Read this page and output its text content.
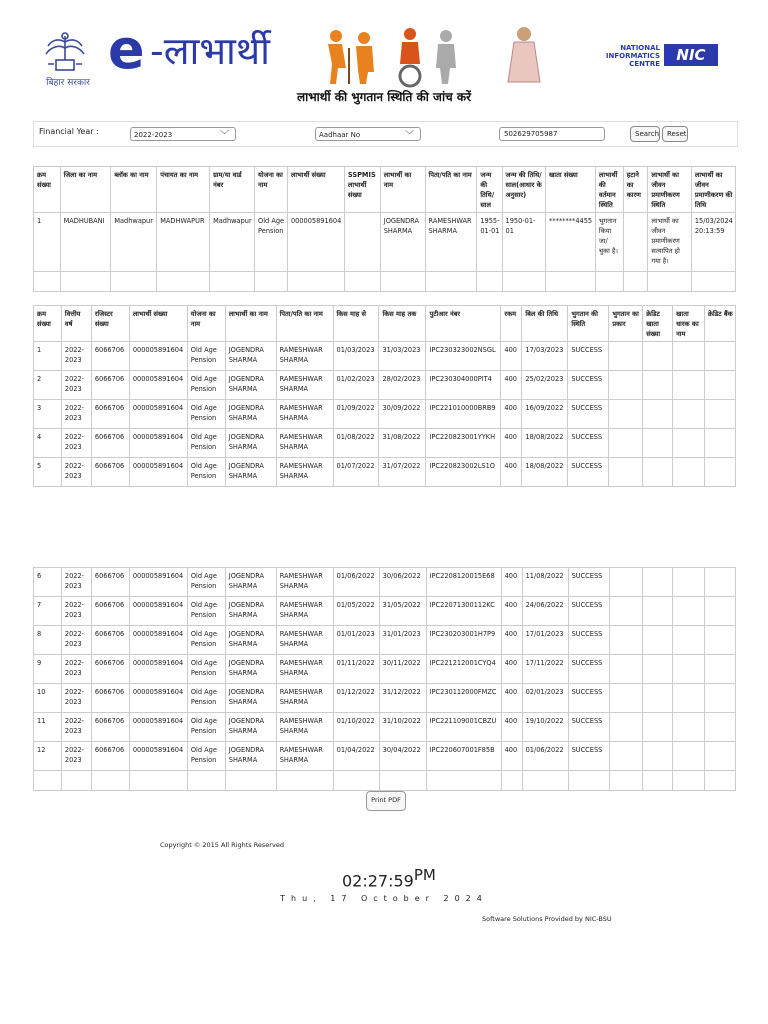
बिहार सरकार
e -लाभार्थी	NATIONAL
INFORMATICS
CENTRE	NIC
लाभार्थी की भुगतान स्थिति की जांच करें
Financial Year :	2022-2023	﹀	Aadhaar No	﹀	502629705987	Search	Reset
क्रम संख्या	जिला का नाम	ब्लॉक का नाम	पंचायत का नाम	ग्राम/या वार्ड नंबर	योजना का नाम	लाभार्थी संख्या	SSPMIS लाभार्थी संख्या	लाभार्थी का नाम	पिता/पति का नाम	जन्म की तिथि/ साल	जन्म की तिथि/ साल(आधार के अनुसार)	खाता संख्या	लाभार्थी की वर्तमान स्थिति	हटाने का कारण	लाभार्थी का जीवन प्रमाणीकरण स्थिति	लाभार्थी का जीवन प्रमाणीकरण की तिथि
1	MADHUBANI	Madhwapur	MADHWAPUR	Madhwapur	Old Age Pension	000005891604		JOGENDRA SHARMA	RAMESHWAR SHARMA	1955-01-01	1950-01-01	********4455	भुगतान किया जा/ चुका है।		लाभार्थी का जीवन प्रमाणीकरण सत्यापित हो गया है।	15/03/2024 20:13:59

क्रम संख्या	वित्तीय वर्ष	रजिस्टर संख्या	लाभार्थी संख्या	योजना का नाम	लाभार्थी का नाम	पिता/पति का नाम	किस माह से	किस माह तक	पुटीआर नंबर	रकम	बिल की तिथि	भुगतान की स्थिति	भुगतान का प्रकार	क्रेडिट खाता संख्या	खाता धारक का नाम	क्रेडिट बैंक
1	2022-2023	6066706	000005891604	Old Age Pension	JOGENDRA SHARMA	RAMESHWAR SHARMA	01/03/2023	31/03/2023	IPC230323002NSGL	400	17/03/2023	SUCCESS				
2	2022-2023	6066706	000005891604	Old Age Pension	JOGENDRA SHARMA	RAMESHWAR SHARMA	01/02/2023	28/02/2023	IPC230304000PIT4	400	25/02/2023	SUCCESS				
3	2022-2023	6066706	000005891604	Old Age Pension	JOGENDRA SHARMA	RAMESHWAR SHARMA	01/09/2022	30/09/2022	IPC221010000BRB9	400	16/09/2022	SUCCESS				
4	2022-2023	6066706	000005891604	Old Age Pension	JOGENDRA SHARMA	RAMESHWAR SHARMA	01/08/2022	31/08/2022	IPC220823001YYKH	400	18/08/2022	SUCCESS				
5	2022-2023	6066706	000005891604	Old Age Pension	JOGENDRA SHARMA	RAMESHWAR SHARMA	01/07/2022	31/07/2022	IPC220823002LS1O	400	18/08/2022	SUCCESS				
6	2022-2023	6066706	000005891604	Old Age Pension	JOGENDRA SHARMA	RAMESHWAR SHARMA	01/06/2022	30/06/2022	IPC2208120015E68	400	11/08/2022	SUCCESS				
7	2022-2023	6066706	000005891604	Old Age Pension	JOGENDRA SHARMA	RAMESHWAR SHARMA	01/05/2022	31/05/2022	IPC22071300112KC	400	24/06/2022	SUCCESS				
8	2022-2023	6066706	000005891604	Old Age Pension	JOGENDRA SHARMA	RAMESHWAR SHARMA	01/01/2023	31/01/2023	IPC230203001H7P9	400	17/01/2023	SUCCESS				
9	2022-2023	6066706	000005891604	Old Age Pension	JOGENDRA SHARMA	RAMESHWAR SHARMA	01/11/2022	30/11/2022	IPC221212001CYQ4	400	17/11/2022	SUCCESS				
10	2022-2023	6066706	000005891604	Old Age Pension	JOGENDRA SHARMA	RAMESHWAR SHARMA	01/12/2022	31/12/2022	IPC230112000FMZC	400	02/01/2023	SUCCESS				
11	2022-2023	6066706	000005891604	Old Age Pension	JOGENDRA SHARMA	RAMESHWAR SHARMA	01/10/2022	31/10/2022	IPC221109001CBZU	400	19/10/2022	SUCCESS				
12	2022-2023	6066706	000005891604	Old Age Pension	JOGENDRA SHARMA	RAMESHWAR SHARMA	01/04/2022	30/04/2022	IPC220607001F85B	400	01/06/2022	SUCCESS				

Print PDF
Copyright © 2015 All Rights Reserved
$02:27:59^{PM}$
Thu, 17 October 2024
Software Solutions Provided by NIC-BSU
